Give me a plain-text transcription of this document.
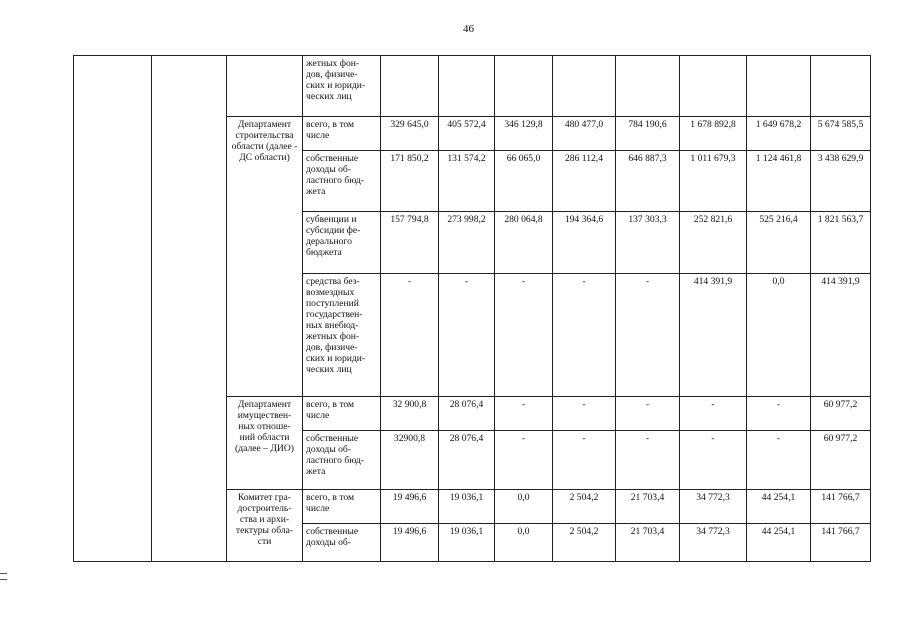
46
			жетных фон- дов, физиче- ских и юриди- ческих лиц								
		Департамент строительства области (далее - ДС области)	всего, в том числе	329 645,0	405 572,4	346 129,8	480 477,0	784 190,6	1 678 892,8	1 649 678,2	5 674 585,5
			собственные доходы об- ластного бюд- жета	171 850,2	131 574,2	66 065,0	286 112,4	646 887,3	1 011 679,3	1 124 461,8	3 438 629,9
			субвенции и субсидии фе- дерального бюджета	157 794,8	273 998,2	280 064,8	194 364,6	137 303,3	252 821,6	525 216,4	1 821 563,7
			средства без- возмездных поступлений государствен- ных внебюд- жетных фон- дов, физиче- ских и юриди- ческих лиц	-	-	-	-	-	414 391,9	0,0	414 391,9
		Департамент имуществен- ных отноше- ний области (далее – ДИО)	всего, в том числе	32 900,8	28 076,4	-	-	-	-	-	60 977,2
			собственные доходы об- ластного бюд- жета	32900,8	28 076,4	-	-	-	-	-	60 977,2
		Комитет гра- достроитель- ства и архи- тектуры обла- сти	всего, в том числе	19 496,6	19 036,1	0,0	2 504,2	21 703,4	34 772,3	44 254,1	141 766,7
			собственные доходы об-	19 496,6	19 036,1	0,0	2 504,2	21 703,4	34 772,3	44 254,1	141 766,7
